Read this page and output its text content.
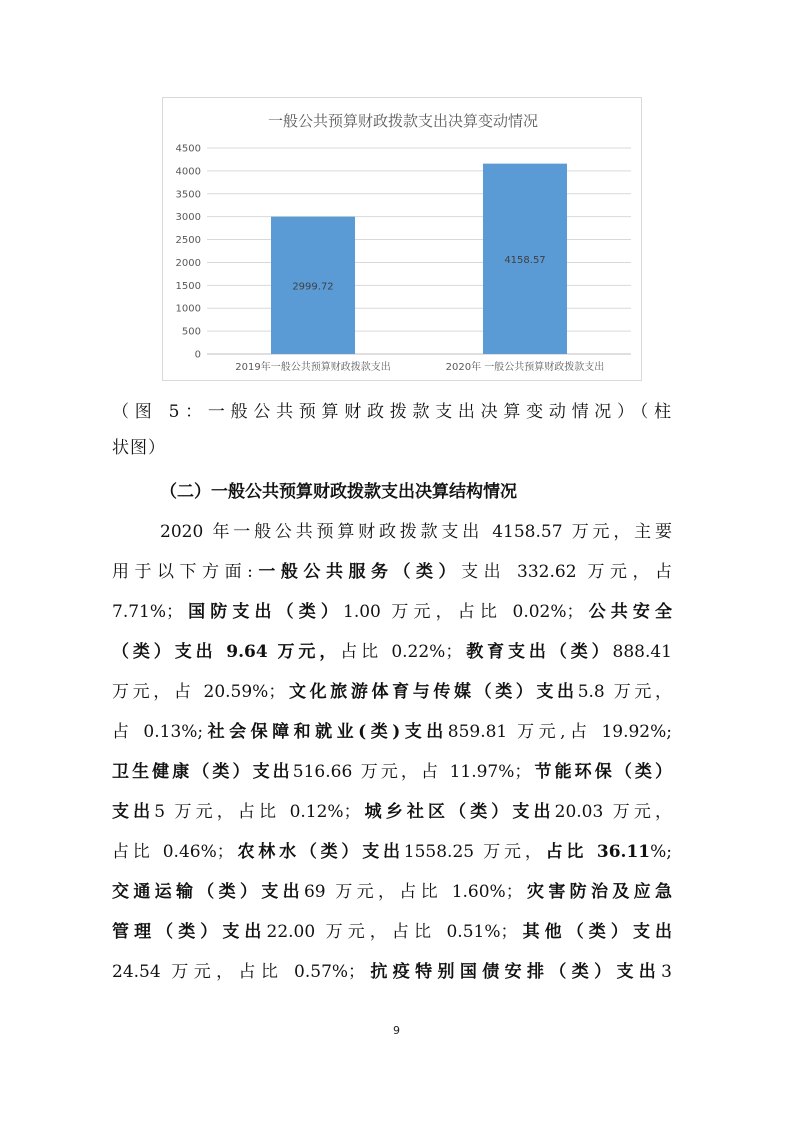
一般公共预算财政拨款支出决算变动情况
0
500
1000
1500
2000
2500
3000
3500
4000
4500
2999.72
4158.57
2019年一般公共预算财政拨款支出	2020年 一般公共预算财政拨款支出
（图 5：一般公共预算财政拨款支出决算变动情况）（柱
状图）
（二）一般公共预算财政拨款支出决算结构情况
2020 年一般公共预算财政拨款支出 4158.57 万元，主要
用于以下方面:一般公共服务（类）支出 332.62 万元，占
7.71%；国防支出（类）1.00 万元，占比 0.02%；公共安全
（类）支出 9.64 万元，占比 0.22%；教育支出（类）888.41
万元，占 20.59%；文化旅游体育与传媒（类）支出5.8 万元，
占 0.13%;社会保障和就业(类)支出859.81 万元,占 19.92%;
卫生健康（类）支出516.66 万元，占 11.97%；节能环保（类）
支出5 万元，占比 0.12%；城乡社区（类）支出20.03 万元，
占比 0.46%；农林水（类）支出1558.25 万元，占比 36.11%;
交通运输（类）支出69 万元，占比 1.60%；灾害防治及应急
管理（类）支出22.00 万元，占比 0.51%；其他（类）支出
24.54 万元，占比 0.57%；抗疫特别国债安排（类）支出3
9
